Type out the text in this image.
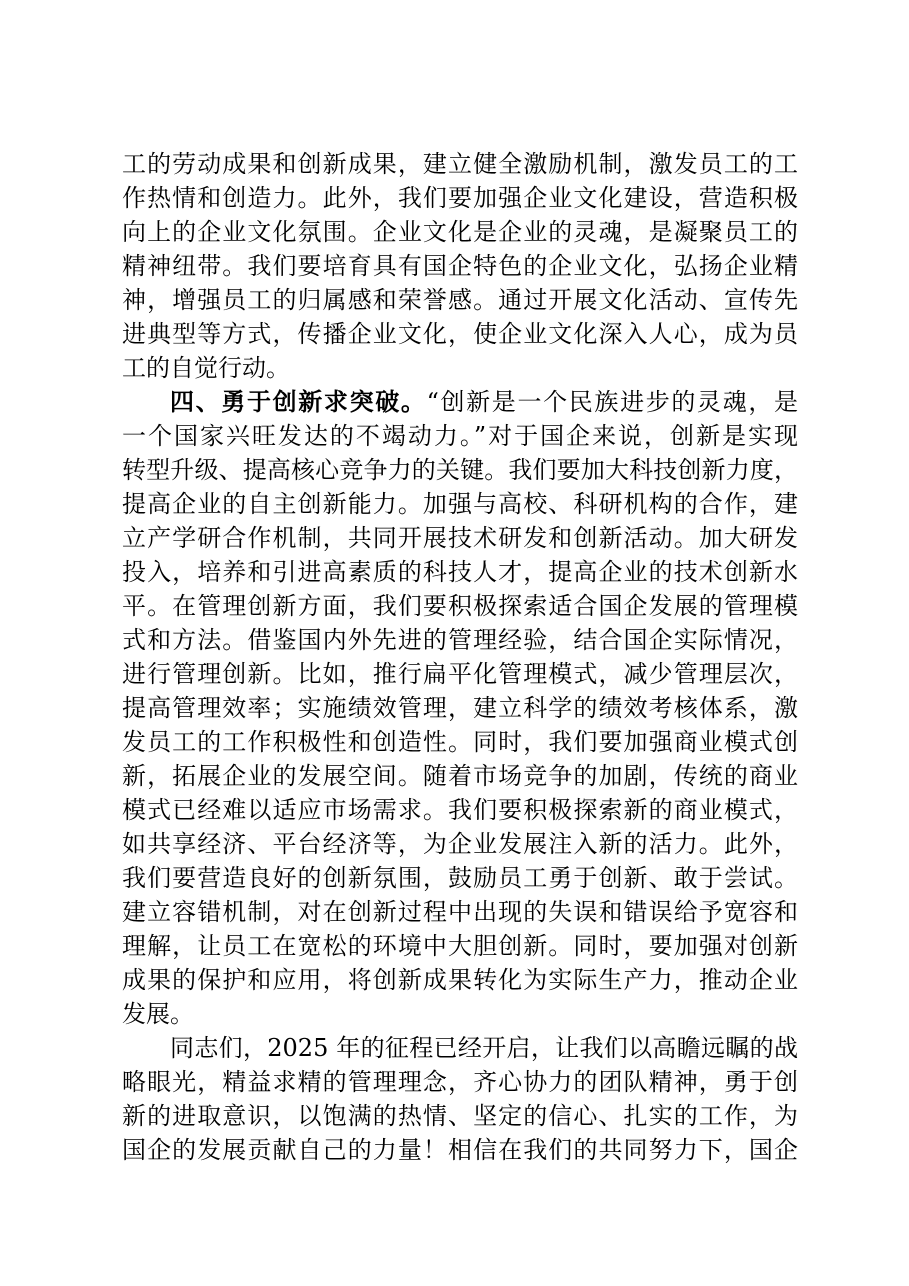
工的劳动成果和创新成果，建立健全激励机制，激发员工的工
作热情和创造力。此外，我们要加强企业文化建设，营造积极
向上的企业文化氛围。企业文化是企业的灵魂，是凝聚员工的
精神纽带。我们要培育具有国企特色的企业文化，弘扬企业精
神，增强员工的归属感和荣誉感。通过开展文化活动、宣传先
进典型等方式，传播企业文化，使企业文化深入人心，成为员
工的自觉行动。
四、勇于创新求突破。“创新是一个民族进步的灵魂，是
一个国家兴旺发达的不竭动力。”对于国企来说，创新是实现
转型升级、提高核心竞争力的关键。我们要加大科技创新力度，
提高企业的自主创新能力。加强与高校、科研机构的合作，建
立产学研合作机制，共同开展技术研发和创新活动。加大研发
投入，培养和引进高素质的科技人才，提高企业的技术创新水
平。在管理创新方面，我们要积极探索适合国企发展的管理模
式和方法。借鉴国内外先进的管理经验，结合国企实际情况，
进行管理创新。比如，推行扁平化管理模式，减少管理层次，
提高管理效率；实施绩效管理，建立科学的绩效考核体系，激
发员工的工作积极性和创造性。同时，我们要加强商业模式创
新，拓展企业的发展空间。随着市场竞争的加剧，传统的商业
模式已经难以适应市场需求。我们要积极探索新的商业模式，
如共享经济、平台经济等，为企业发展注入新的活力。此外，
我们要营造良好的创新氛围，鼓励员工勇于创新、敢于尝试。
建立容错机制，对在创新过程中出现的失误和错误给予宽容和
理解，让员工在宽松的环境中大胆创新。同时，要加强对创新
成果的保护和应用，将创新成果转化为实际生产力，推动企业
发展。
同志们，2025 年的征程已经开启，让我们以高瞻远瞩的战
略眼光，精益求精的管理理念，齐心协力的团队精神，勇于创
新的进取意识，以饱满的热情、坚定的信心、扎实的工作，为
国企的发展贡献自己的力量！相信在我们的共同努力下，国企
